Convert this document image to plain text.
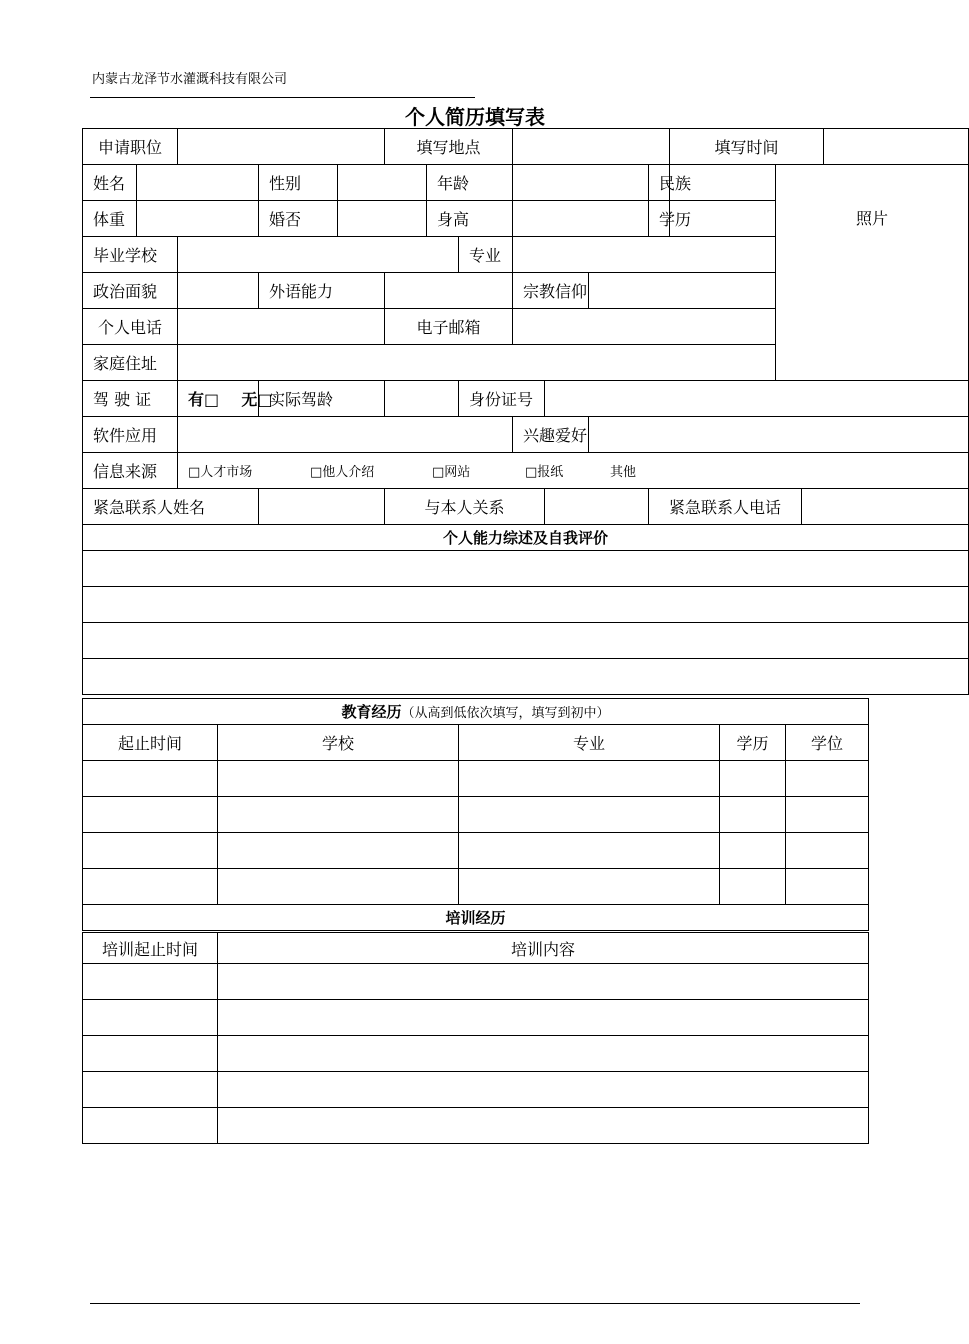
内蒙古龙泽节水灌溉科技有限公司
个人简历填写表
申请职位					填写地点							填写时间			
姓名			性别			年龄					民族		照片		
体重			婚否			身高					学历				
毕业学校							专业								
政治面貌			外语能力					宗教信仰							
个人电话					电子邮箱										
家庭住址															
驾 驶 证		有□ 无□	实际驾龄				身份证号								
软件应用								兴趣爱好							
信息来源		□人才市场 □他人介绍 □网站 □报纸 其他													
紧急联系人姓名					与本人关系						紧急联系人电话				
个人能力综述及自我评价															

教育经历（从高到低依次填写，填写到初中）				
起止时间	学校	专业	学历	学位

培训经历				
培训起止时间	培训内容
